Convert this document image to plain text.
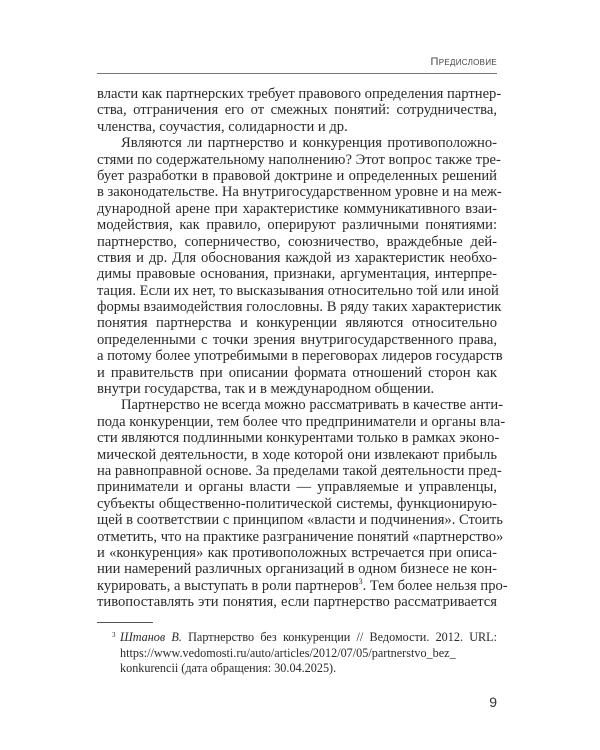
Предисловие
власти как партнерских требует правового определения партнер-
ства, отграничения его от смежных понятий: сотрудничества,
членства, соучастия, солидарности и др.
Являются ли партнерство и конкуренция противоположно-
стями по содержательному наполнению? Этот вопрос также тре-
бует разработки в правовой доктрине и определенных решений
в законодательстве. На внутригосударственном уровне и на меж-
дународной арене при характеристике коммуникативного взаи-
модействия, как правило, оперируют различными понятиями:
партнерство, соперничество, союзничество, враждебные дей-
ствия и др. Для обоснования каждой из характеристик необхо-
димы правовые основания, признаки, аргументация, интерпре-
тация. Если их нет, то высказывания относительно той или иной
формы взаимодействия голословны. В ряду таких характеристик
понятия партнерства и конкуренции являются относительно
определенными с точки зрения внутригосударственного права,
а потому более употребимыми в переговорах лидеров государств
и правительств при описании формата отношений сторон как
внутри государства, так и в международном общении.
Партнерство не всегда можно рассматривать в качестве анти-
пода конкуренции, тем более что предприниматели и органы вла-
сти являются подлинными конкурентами только в рамках эконо-
мической деятельности, в ходе которой они извлекают прибыль
на равноправной основе. За пределами такой деятельности пред-
приниматели и органы власти — управляемые и управленцы,
субъекты общественно-политической системы, функционирую-
щей в соответствии с принципом «власти и подчинения». Стоить
отметить, что на практике разграничение понятий «партнерство»
и «конкуренция» как противоположных встречается при описа-
нии намерений различных организаций в одном бизнесе не кон-
курировать, а выступать в роли партнеров$^3$. Тем более нельзя про-
тивопоставлять эти понятия, если партнерство рассматривается
3 Штанов В. Партнерство без конкуренции // Ведомости. 2012. URL:
https://www.vedomosti.ru/auto/articles/2012/07/05/partnerstvo_bez_
konkurencii (дата обращения: 30.04.2025).
9
